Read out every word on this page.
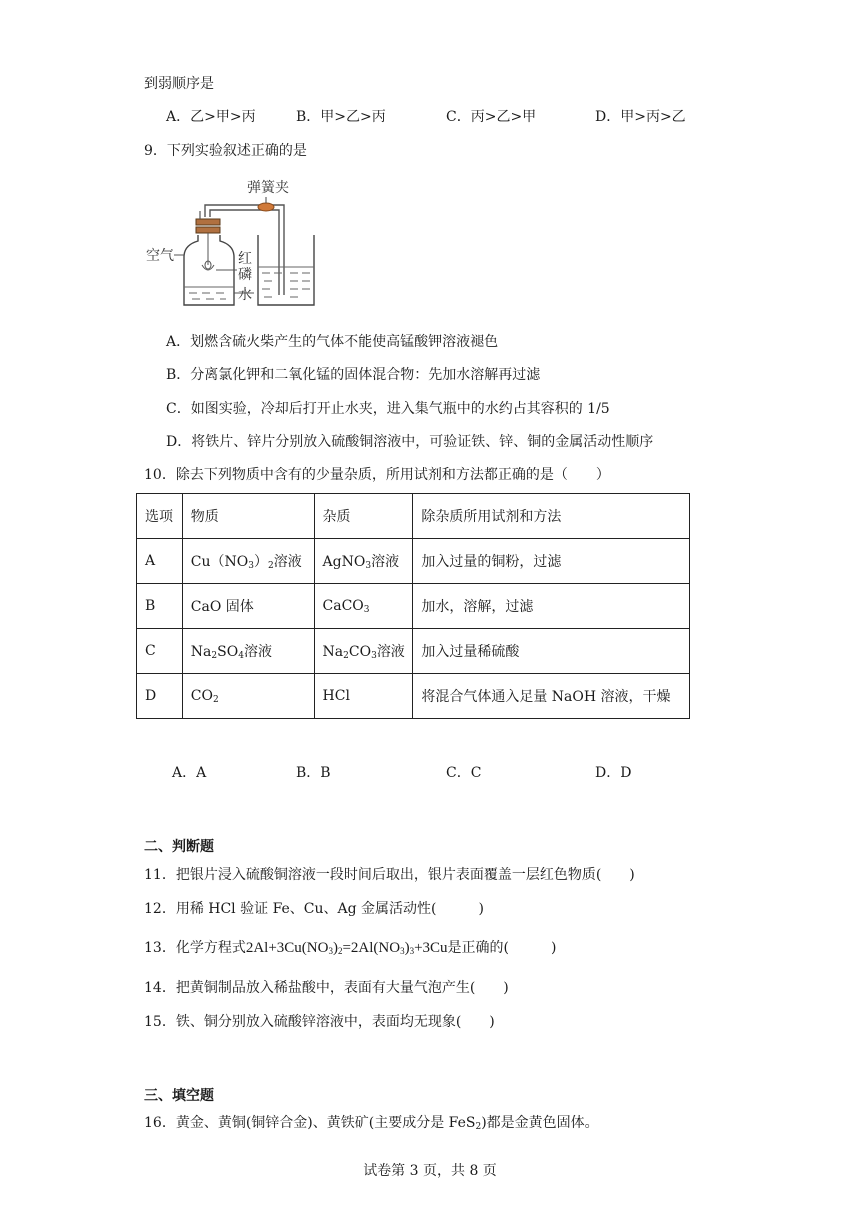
到弱顺序是
A．乙>甲>丙	B．甲>乙>丙	C．丙>乙>甲	D．甲>丙>乙
9．下列实验叙述正确的是
弹簧夹
空气	红
磷
水
A．划燃含硫火柴产生的气体不能使高锰酸钾溶液褪色
B．分离氯化钾和二氧化锰的固体混合物：先加水溶解再过滤
C．如图实验，冷却后打开止水夹，进入集气瓶中的水约占其容积的 1/5
D．将铁片、锌片分别放入硫酸铜溶液中，可验证铁、锌、铜的金属活动性顺序
10．除去下列物质中含有的少量杂质，所用试剂和方法都正确的是（　　）
选项	物质	杂质	除杂质所用试剂和方法
A	$Cu(NO_3)_2$溶液	AgNO$_3$溶液	加入过量的铜粉，过滤
B	CaO 固体	CaCO$_3$	加水，溶解，过滤
C	$Na_2SO_4$溶液	$Na_2CO_3$溶液	加入过量稀硫酸
D	$CO_2$	HCl	将混合气体通入足量 NaOH 溶液，干燥
A．A	B．B	C．C	D．D
二、判断题
11．把银片浸入硫酸铜溶液一段时间后取出，银片表面覆盖一层红色物质(　　)
12．用稀 HCl 验证 Fe、Cu、Ag 金属活动性(　　　)
13．化学方程式$2Al+3Cu(NO_3)_2=2Al(NO_3)_3+3Cu$是正确的(　　　)
14．把黄铜制品放入稀盐酸中，表面有大量气泡产生(　　)
15．铁、铜分别放入硫酸锌溶液中，表面均无现象(　　)
三、填空题
16．黄金、黄铜(铜锌合金)、黄铁矿(主要成分是 FeS$_2$)都是金黄色固体。
试卷第 3 页，共 8 页
